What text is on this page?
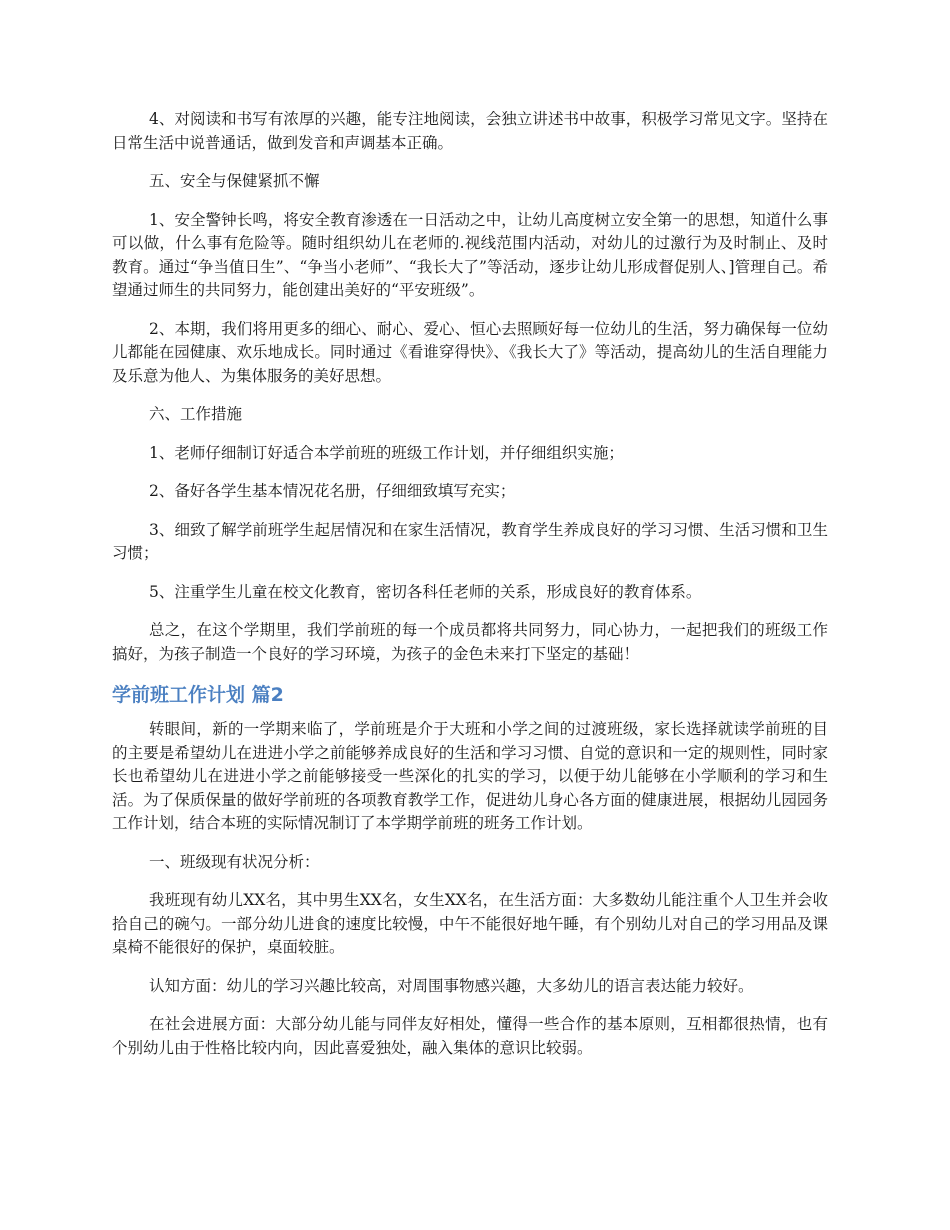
4、对阅读和书写有浓厚的兴趣，能专注地阅读，会独立讲述书中故事，积极学习常见文字。坚持在日常生活中说普通话，做到发音和声调基本正确。

五、安全与保健紧抓不懈

1、安全警钟长鸣，将安全教育渗透在一日活动之中，让幼儿高度树立安全第一的思想，知道什么事可以做，什么事有危险等。随时组织幼儿在老师的.视线范围内活动，对幼儿的过激行为及时制止、及时教育。通过“争当值日生”、“争当小老师”、“我长大了”等活动，逐步让幼儿形成督促别人、]管理自己。希望通过师生的共同努力，能创建出美好的“平安班级”。

2、本期，我们将用更多的细心、耐心、爱心、恒心去照顾好每一位幼儿的生活，努力确保每一位幼儿都能在园健康、欢乐地成长。同时通过《看谁穿得快》、《我长大了》等活动，提高幼儿的生活自理能力及乐意为他人、为集体服务的美好思想。

六、工作措施

1、老师仔细制订好适合本学前班的班级工作计划，并仔细组织实施；

2、备好各学生基本情况花名册，仔细细致填写充实；

3、细致了解学前班学生起居情况和在家生活情况，教育学生养成良好的学习习惯、生活习惯和卫生习惯；

5、注重学生儿童在校文化教育，密切各科任老师的关系，形成良好的教育体系。

总之，在这个学期里，我们学前班的每一个成员都将共同努力，同心协力，一起把我们的班级工作搞好，为孩子制造一个良好的学习环境，为孩子的金色未来打下坚定的基础！

学前班工作计划 篇2

转眼间，新的一学期来临了，学前班是介于大班和小学之间的过渡班级，家长选择就读学前班的目的主要是希望幼儿在进进小学之前能够养成良好的生活和学习习惯、自觉的意识和一定的规则性，同时家长也希望幼儿在进进小学之前能够接受一些深化的扎实的学习，以便于幼儿能够在小学顺利的学习和生活。为了保质保量的做好学前班的各项教育教学工作，促进幼儿身心各方面的健康进展，根据幼儿园园务工作计划，结合本班的实际情况制订了本学期学前班的班务工作计划。

一、班级现有状况分析：

我班现有幼儿XX名，其中男生XX名，女生XX名，在生活方面：大多数幼儿能注重个人卫生并会收拾自己的碗勺。一部分幼儿进食的速度比较慢，中午不能很好地午睡，有个别幼儿对自己的学习用品及课桌椅不能很好的保护，桌面较脏。

认知方面：幼儿的学习兴趣比较高，对周围事物感兴趣，大多幼儿的语言表达能力较好。

在社会进展方面：大部分幼儿能与同伴友好相处，懂得一些合作的基本原则，互相都很热情，也有个别幼儿由于性格比较内向，因此喜爱独处，融入集体的意识比较弱。
